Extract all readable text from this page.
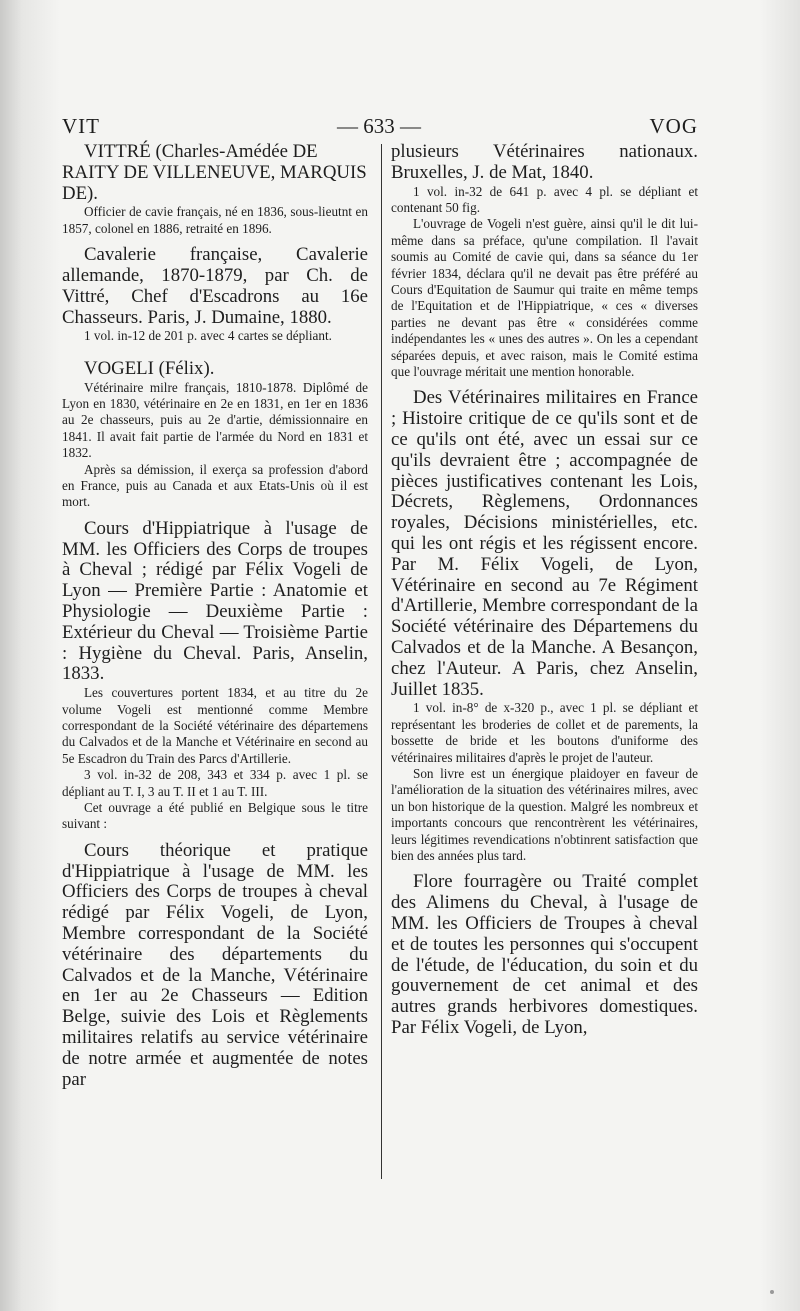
VIT	— 633 —	VOG

VITTRÉ (Charles-Amédée DE RAITY DE VILLENEUVE, MARQUIS DE).

Officier de cavie français, né en 1836, sous-lieutnt en 1857, colonel en 1886, retraité en 1896.

Cavalerie française, Cavalerie allemande, 1870-1879, par Ch. de Vittré, Chef d'Escadrons au 16e Chasseurs. Paris, J. Dumaine, 1880.

1 vol. in-12 de 201 p. avec 4 cartes se dépliant.

VOGELI (Félix).

Vétérinaire milre français, 1810-1878. Diplômé de Lyon en 1830, vétérinaire en 2e en 1831, en 1er en 1836 au 2e chasseurs, puis au 2e d'artie, démissionnaire en 1841. Il avait fait partie de l'armée du Nord en 1831 et 1832.

Après sa démission, il exerça sa profession d'abord en France, puis au Canada et aux Etats-Unis où il est mort.

Cours d'Hippiatrique à l'usage de MM. les Officiers des Corps de troupes à Cheval ; rédigé par Félix Vogeli de Lyon — Première Partie : Anatomie et Physiologie — Deuxième Partie : Extérieur du Cheval — Troisième Partie : Hygiène du Cheval. Paris, Anselin, 1833.

Les couvertures portent 1834, et au titre du 2e volume Vogeli est mentionné comme Membre correspondant de la Société vétérinaire des départemens du Calvados et de la Manche et Vétérinaire en second au 5e Escadron du Train des Parcs d'Artillerie.

3 vol. in-32 de 208, 343 et 334 p. avec 1 pl. se dépliant au T. I, 3 au T. II et 1 au T. III.

Cet ouvrage a été publié en Belgique sous le titre suivant :

Cours théorique et pratique d'Hippiatrique à l'usage de MM. les Officiers des Corps de troupes à cheval rédigé par Félix Vogeli, de Lyon, Membre correspondant de la Société vétérinaire des départements du Calvados et de la Manche, Vétérinaire en 1er au 2e Chasseurs — Edition Belge, suivie des Lois et Règlements militaires relatifs au service vétérinaire de notre armée et augmentée de notes par

plusieurs Vétérinaires nationaux. Bruxelles, J. de Mat, 1840.

1 vol. in-32 de 641 p. avec 4 pl. se dépliant et contenant 50 fig.

L'ouvrage de Vogeli n'est guère, ainsi qu'il le dit lui-même dans sa préface, qu'une compilation. Il l'avait soumis au Comité de cavie qui, dans sa séance du 1er février 1834, déclara qu'il ne devait pas être préféré au Cours d'Equitation de Saumur qui traite en même temps de l'Equitation et de l'Hippiatrique, « ces « diverses parties ne devant pas être « considérées comme indépendantes les « unes des autres ». On les a cependant séparées depuis, et avec raison, mais le Comité estima que l'ouvrage méritait une mention honorable.

Des Vétérinaires militaires en France ; Histoire critique de ce qu'ils sont et de ce qu'ils ont été, avec un essai sur ce qu'ils devraient être ; accompagnée de pièces justificatives contenant les Lois, Décrets, Règlemens, Ordonnances royales, Décisions ministérielles, etc. qui les ont régis et les régissent encore. Par M. Félix Vogeli, de Lyon, Vétérinaire en second au 7e Régiment d'Artillerie, Membre correspondant de la Société vétérinaire des Départemens du Calvados et de la Manche. A Besançon, chez l'Auteur. A Paris, chez Anselin, Juillet 1835.

1 vol. in-8° de x-320 p., avec 1 pl. se dépliant et représentant les broderies de collet et de parements, la bossette de bride et les boutons d'uniforme des vétérinaires militaires d'après le projet de l'auteur.

Son livre est un énergique plaidoyer en faveur de l'amélioration de la situation des vétérinaires milres, avec un bon historique de la question. Malgré les nombreux et importants concours que rencontrèrent les vétérinaires, leurs légitimes revendications n'obtinrent satisfaction que bien des années plus tard.

Flore fourragère ou Traité complet des Alimens du Cheval, à l'usage de MM. les Officiers de Troupes à cheval et de toutes les personnes qui s'occupent de l'étude, de l'éducation, du soin et du gouvernement de cet animal et des autres grands herbivores domestiques. Par Félix Vogeli, de Lyon,
